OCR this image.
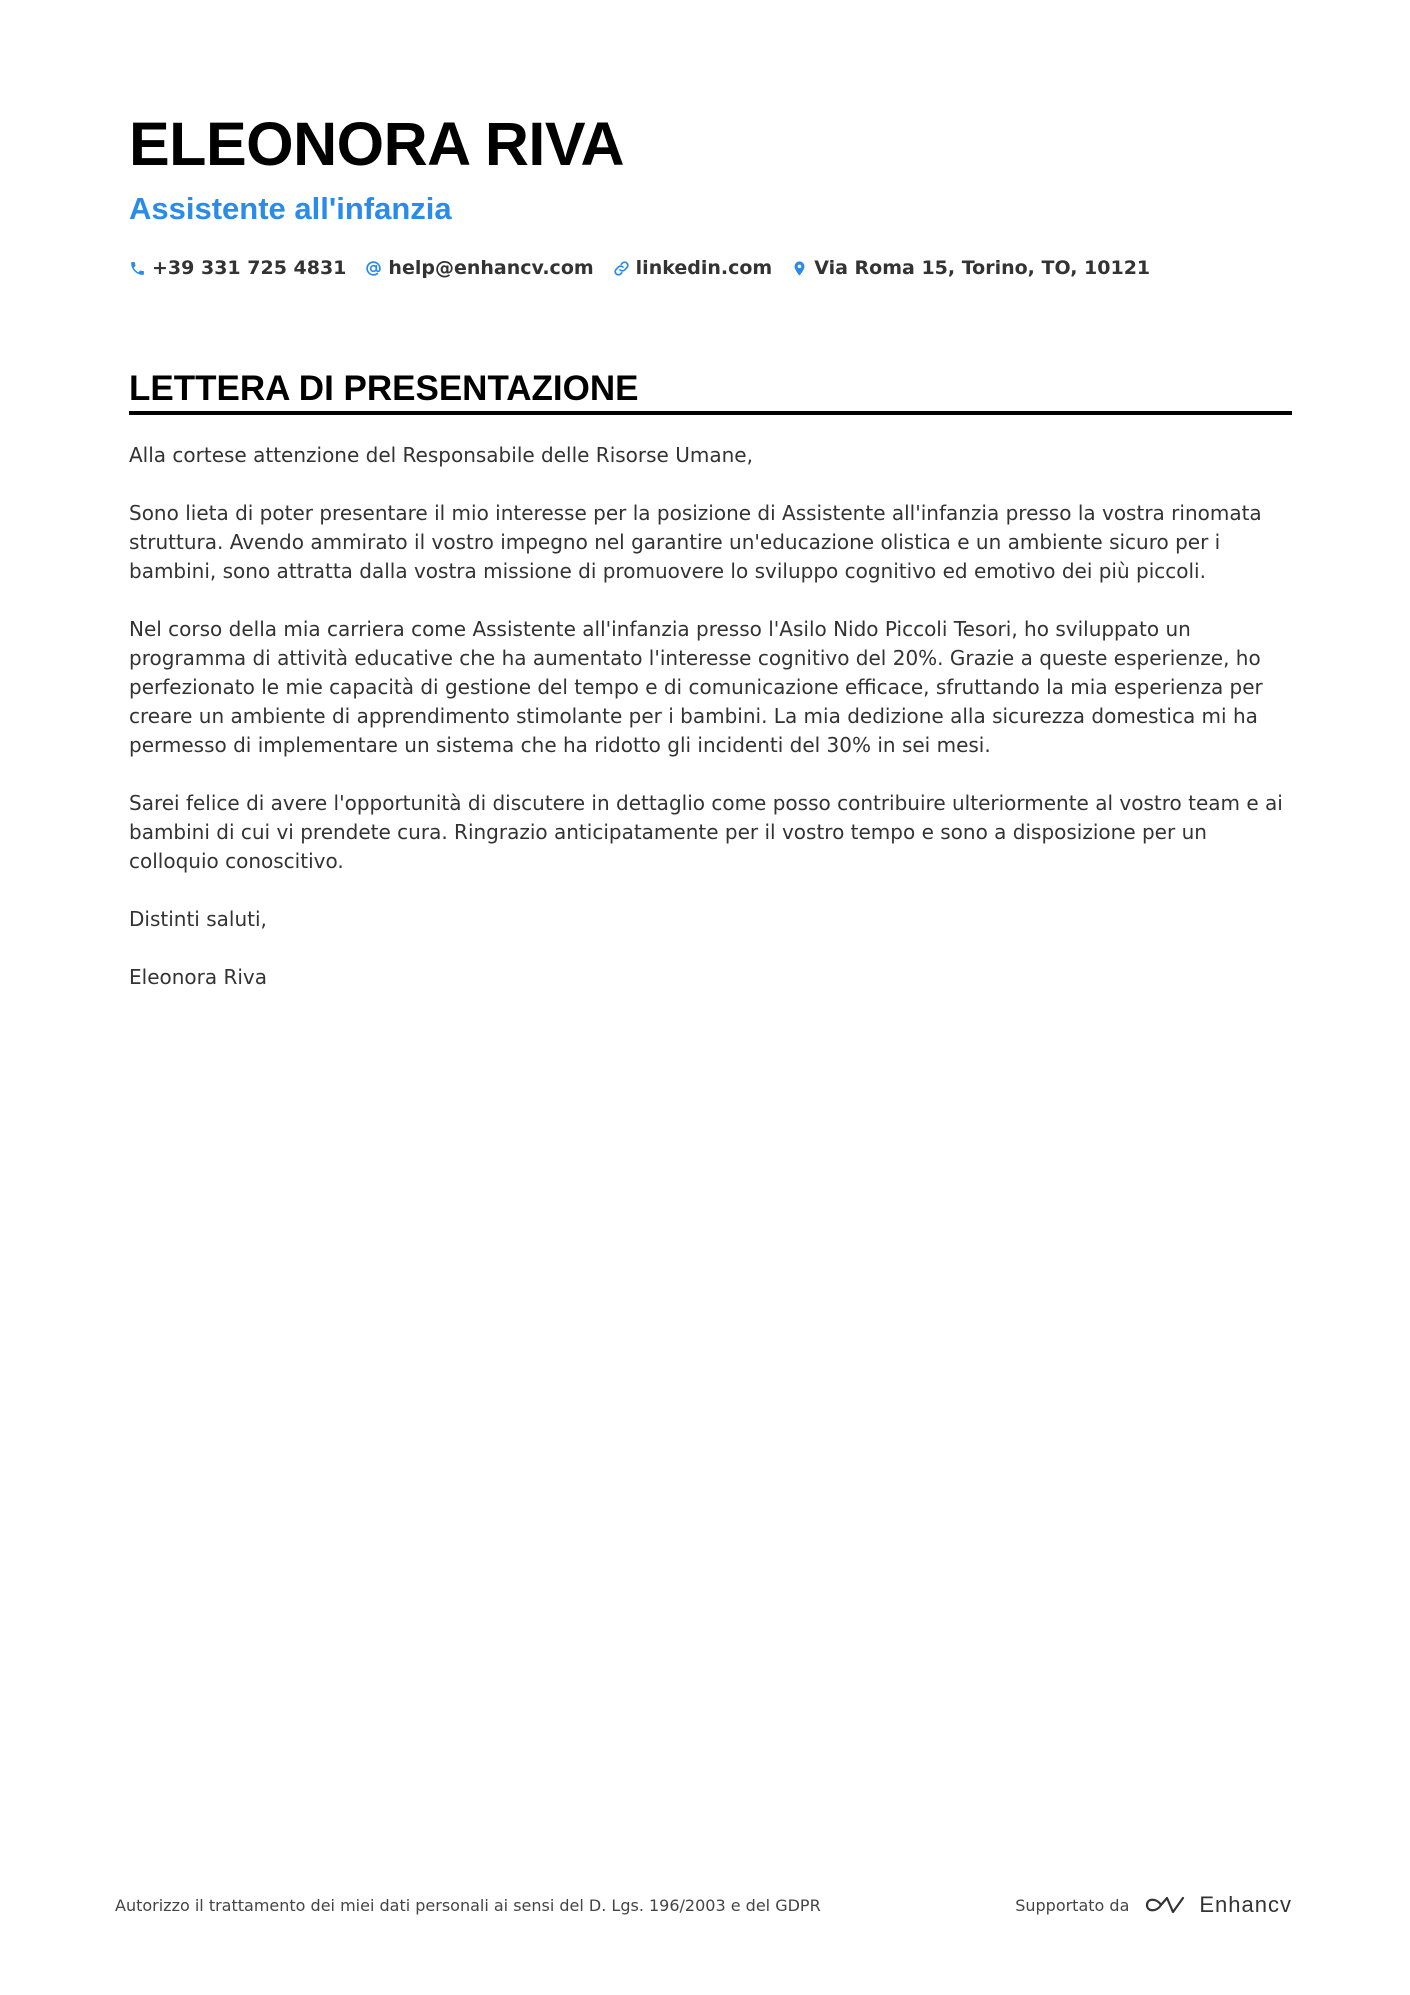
ELEONORA RIVA
Assistente all'infanzia
+39 331 725 4831 help@enhancv.com linkedin.com Via Roma 15, Torino, TO, 10121
LETTERA DI PRESENTAZIONE

Alla cortese attenzione del Responsabile delle Risorse Umane,

Sono lieta di poter presentare il mio interesse per la posizione di Assistente all'infanzia presso la vostra rinomata struttura. Avendo ammirato il vostro impegno nel garantire un'educazione olistica e un ambiente sicuro per i bambini, sono attratta dalla vostra missione di promuovere lo sviluppo cognitivo ed emotivo dei più piccoli.

Nel corso della mia carriera come Assistente all'infanzia presso l'Asilo Nido Piccoli Tesori, ho sviluppato un programma di attività educative che ha aumentato l'interesse cognitivo del 20%. Grazie a queste esperienze, ho perfezionato le mie capacità di gestione del tempo e di comunicazione efficace, sfruttando la mia esperienza per creare un ambiente di apprendimento stimolante per i bambini. La mia dedizione alla sicurezza domestica mi ha permesso di implementare un sistema che ha ridotto gli incidenti del 30% in sei mesi.

Sarei felice di avere l'opportunità di discutere in dettaglio come posso contribuire ulteriormente al vostro team e ai bambini di cui vi prendete cura. Ringrazio anticipatamente per il vostro tempo e sono a disposizione per un colloquio conoscitivo.

Distinti saluti,

Eleonora Riva

Autorizzo il trattamento dei miei dati personali ai sensi del D. Lgs. 196/2003 e del GDPR	Supportato da	Enhancv
